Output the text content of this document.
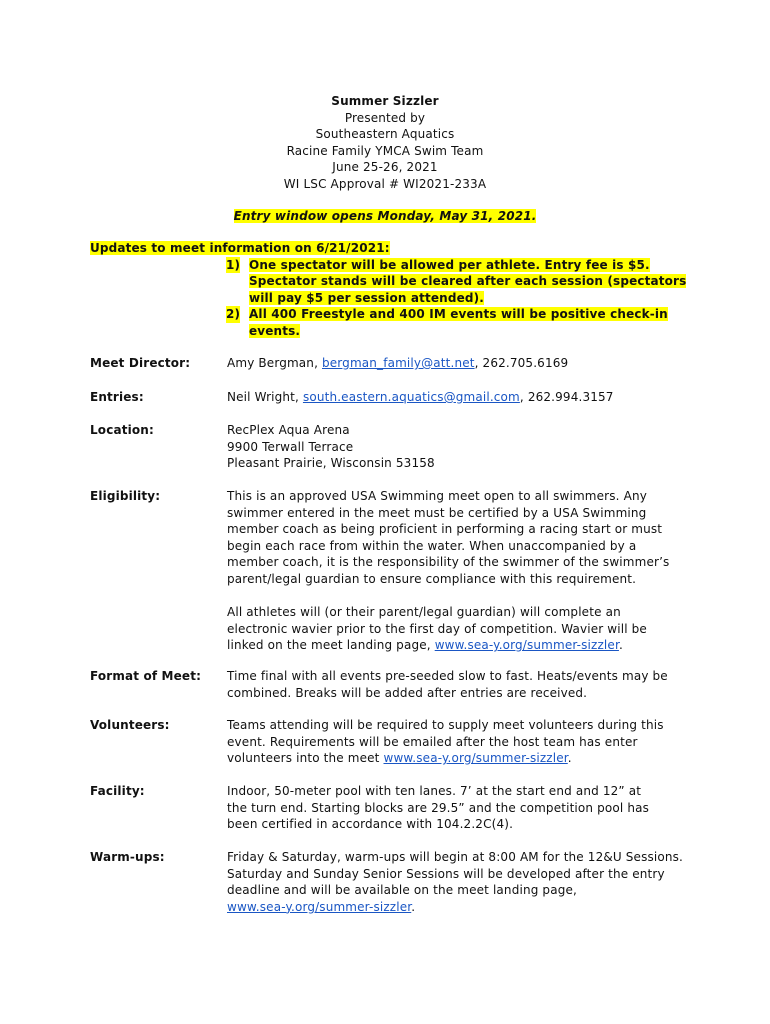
Summer Sizzler
Presented by
Southeastern Aquatics
Racine Family YMCA Swim Team
June 25-26, 2021
WI LSC Approval # WI2021-233A
Entry window opens Monday, May 31, 2021.
Updates to meet information on 6/21/2021:
1) One spectator will be allowed per athlete. Entry fee is $5.
Spectator stands will be cleared after each session (spectators
will pay $5 per session attended).
2) All 400 Freestyle and 400 IM events will be positive check-in
events.
Meet Director:	Amy Bergman, bergman_family@att.net, 262.705.6169
Entries:	Neil Wright, south.eastern.aquatics@gmail.com, 262.994.3157
Location:	RecPlex Aqua Arena
9900 Terwall Terrace
Pleasant Prairie, Wisconsin 53158
Eligibility:	This is an approved USA Swimming meet open to all swimmers. Any
swimmer entered in the meet must be certified by a USA Swimming
member coach as being proficient in performing a racing start or must
begin each race from within the water. When unaccompanied by a
member coach, it is the responsibility of the swimmer of the swimmer’s
parent/legal guardian to ensure compliance with this requirement.

All athletes will (or their parent/legal guardian) will complete an
electronic wavier prior to the first day of competition. Wavier will be
linked on the meet landing page, www.sea-y.org/summer-sizzler.

Format of Meet:	Time final with all events pre-seeded slow to fast. Heats/events may be
combined. Breaks will be added after entries are received.
Volunteers:	Teams attending will be required to supply meet volunteers during this
event. Requirements will be emailed after the host team has enter
volunteers into the meet www.sea-y.org/summer-sizzler.
Facility:	Indoor, 50-meter pool with ten lanes. 7’ at the start end and 12” at
the turn end. Starting blocks are 29.5” and the competition pool has
been certified in accordance with 104.2.2C(4).
Warm-ups:	Friday & Saturday, warm-ups will begin at 8:00 AM for the 12&U Sessions.
Saturday and Sunday Senior Sessions will be developed after the entry
deadline and will be available on the meet landing page,
www.sea-y.org/summer-sizzler.
